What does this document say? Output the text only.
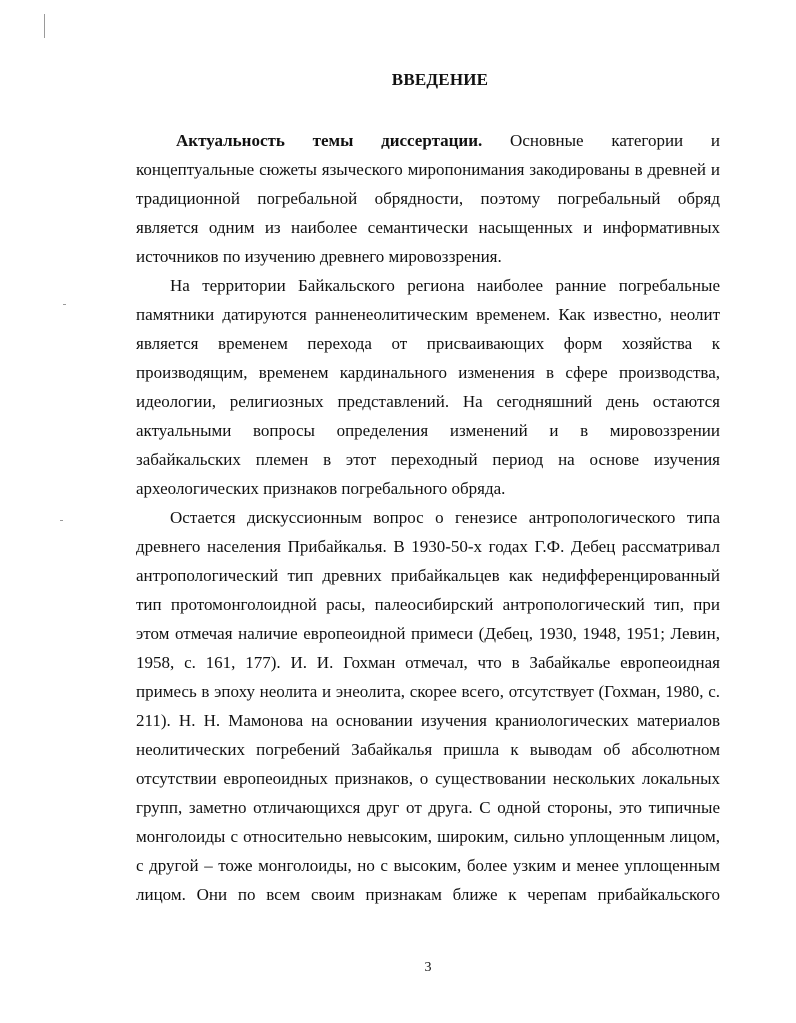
ВВЕДЕНИЕ

Актуальность темы диссертации. Основные категории и концептуальные сюжеты языческого миропонимания закодированы в древней и традиционной погребальной обрядности, поэтому погребальный обряд является одним из наиболее семантически насыщенных и информативных источников по изучению древнего мировоззрения.

На территории Байкальского региона наиболее ранние погребальные памятники датируются ранненеолитическим временем. Как известно, неолит является временем перехода от присваивающих форм хозяйства к производящим, временем кардинального изменения в сфере производства, идеологии, религиозных представлений. На сегодняшний день остаются актуальными вопросы определения изменений и в мировоззрении забайкальских племен в этот переходный период на основе изучения археологических признаков погребального обряда.

Остается дискуссионным вопрос о генезисе антропологического типа древнего населения Прибайкалья. В 1930-50-х годах Г.Ф. Дебец рассматривал антропологический тип древних прибайкальцев как недифференцированный тип протомонголоидной расы, палеосибирский антропологический тип, при этом отмечая наличие европеоидной примеси (Дебец, 1930, 1948, 1951; Левин, 1958, с. 161, 177). И. И. Гохман отмечал, что в Забайкалье европеоидная примесь в эпоху неолита и энеолита, скорее всего, отсутствует (Гохман, 1980, с. 211). Н. Н. Мамонова на основании изучения краниологических материалов неолитических погребений Забайкалья пришла к выводам об абсолютном отсутствии европеоидных признаков, о существовании нескольких локальных групп, заметно отличающихся друг от друга. С одной стороны, это типичные монголоиды с относительно невысоким, широким, сильно уплощенным лицом, с другой – тоже монголоиды, но с высоким, более узким и менее уплощенным лицом. Они по всем своим признакам ближе к черепам прибайкальского

3
